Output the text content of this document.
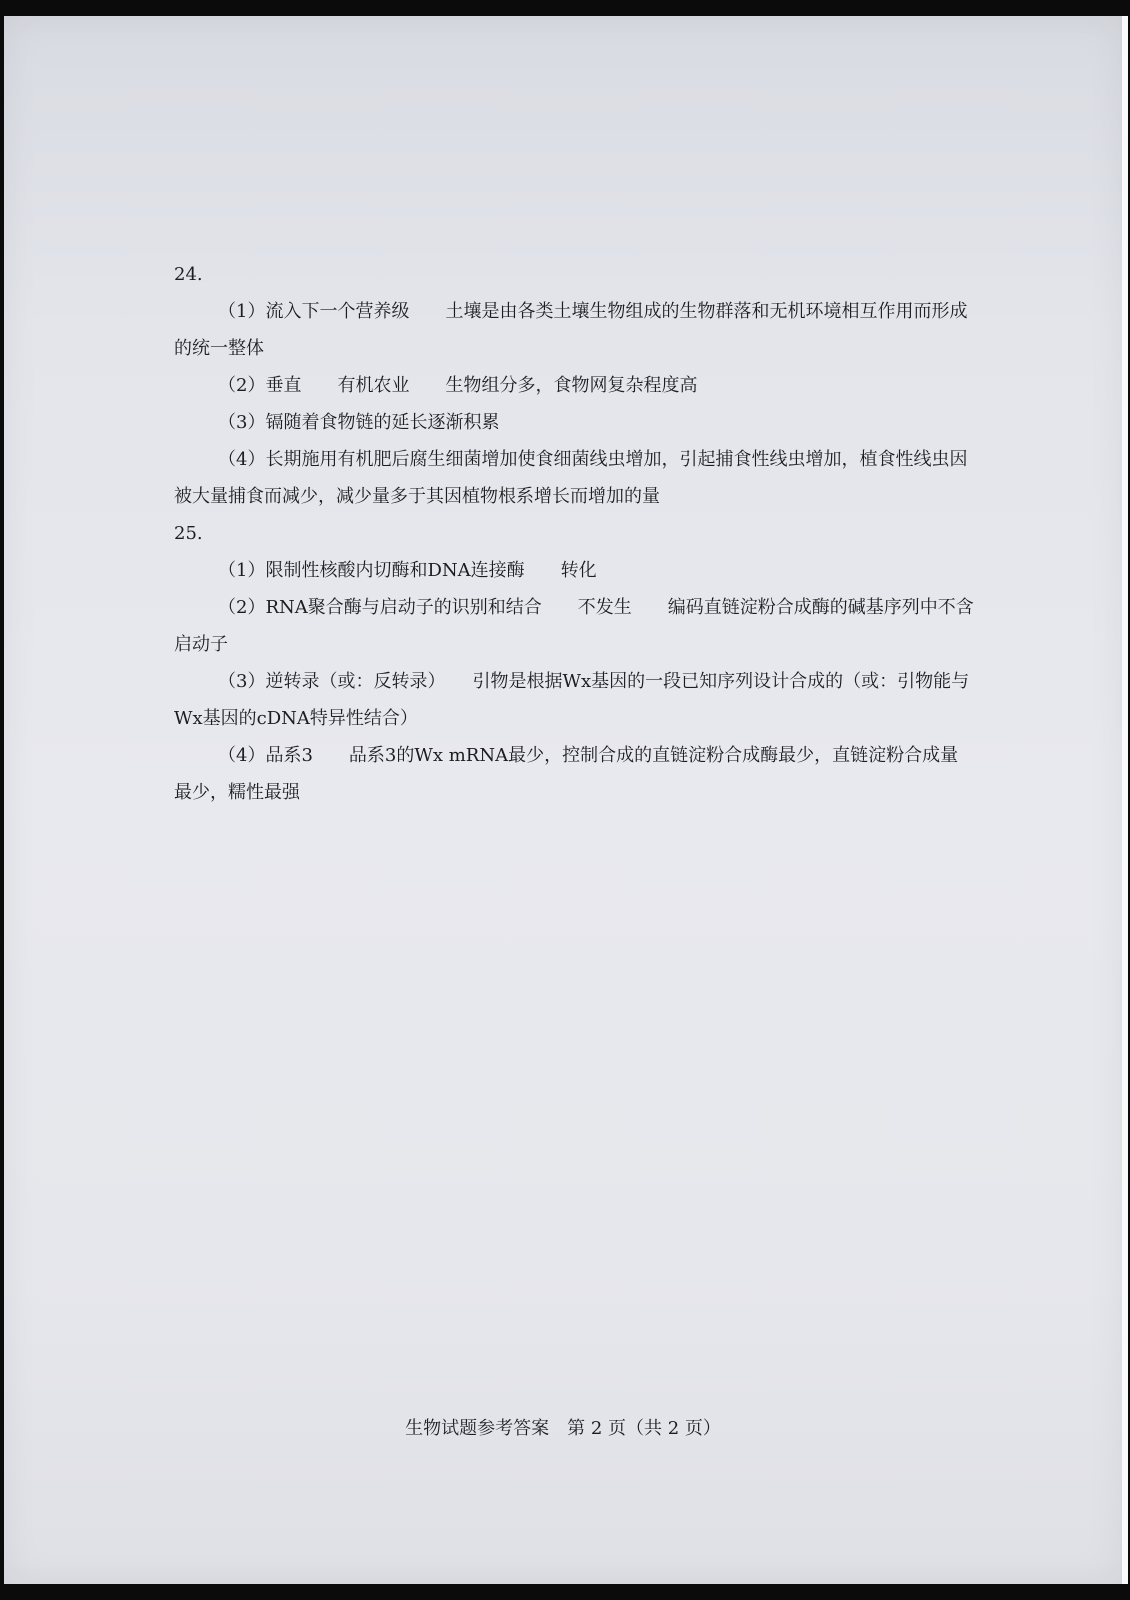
24.

（1）流入下一个营养级　　土壤是由各类土壤生物组成的生物群落和无机环境相互作用而形成的统一整体

（2）垂直　　有机农业　　生物组分多，食物网复杂程度高

（3）镉随着食物链的延长逐渐积累

（4）长期施用有机肥后腐生细菌增加使食细菌线虫增加，引起捕食性线虫增加，植食性线虫因被大量捕食而减少，减少量多于其因植物根系增长而增加的量

25.

（1）限制性核酸内切酶和DNA连接酶　　转化

（2）RNA聚合酶与启动子的识别和结合　　不发生　　编码直链淀粉合成酶的碱基序列中不含启动子

（3）逆转录（或：反转录）　　引物是根据Wx基因的一段已知序列设计合成的（或：引物能与Wx基因的cDNA特异性结合）

（4）品系3　　品系3的Wx mRNA最少，控制合成的直链淀粉合成酶最少，直链淀粉合成量最少，糯性最强

生物试题参考答案　第 2 页（共 2 页）
